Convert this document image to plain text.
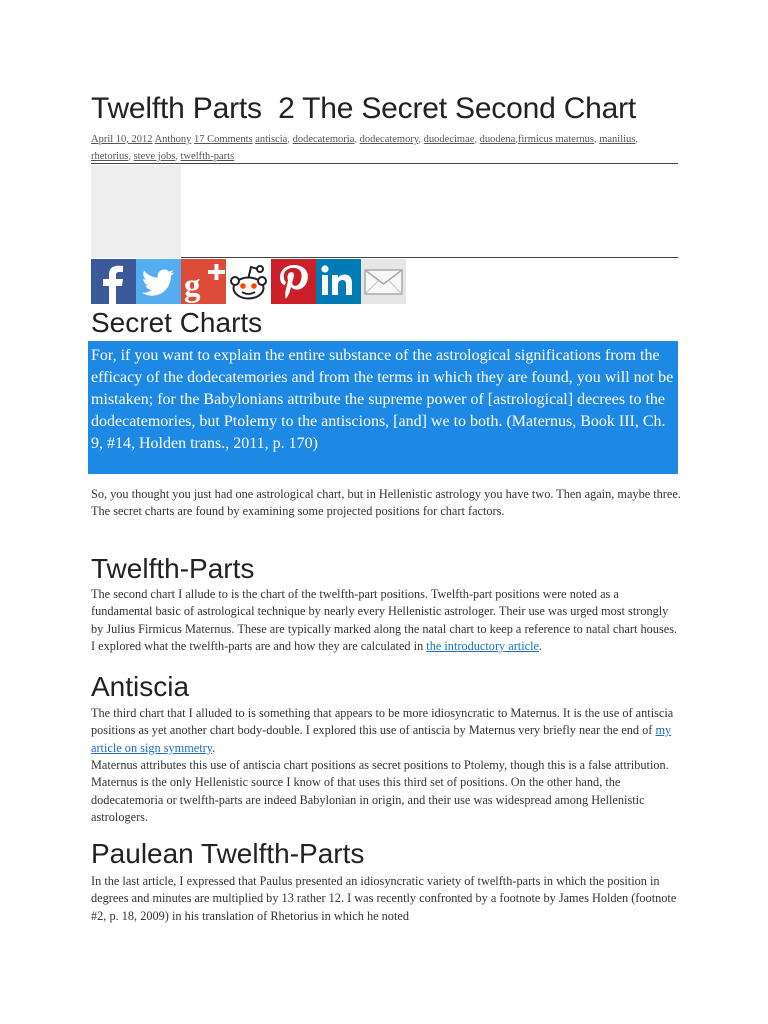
Twelfth Parts  2 The Secret Second Chart
April 10, 2012 Anthony 17 Comments antiscia, dodecatemoria, dodecatemory, duodecimae, duodena,firmicus maternus, manilius, rhetorius, steve jobs, twelfth-parts
g
Secret Charts
For, if you want to explain the entire substance of the astrological significations from the efficacy of the dodecatemories and from the terms in which they are found, you will not be mistaken; for the Babylonians attribute the supreme power of [astrological] decrees to the dodecatemories, but Ptolemy to the antiscions, [and] we to both. (Maternus, Book III, Ch. 9, #14, Holden trans., 2011, p. 170)

So, you thought you just had one astrological chart, but in Hellenistic astrology you have two. Then again, maybe three. The secret charts are found by examining some projected positions for chart factors.

Twelfth-Parts

The second chart I allude to is the chart of the twelfth-part positions. Twelfth-part positions were noted as a fundamental basic of astrological technique by nearly every Hellenistic astrologer. Their use was urged most strongly by Julius Firmicus Maternus. These are typically marked along the natal chart to keep a reference to natal chart houses. I explored what the twelfth-parts are and how they are calculated in the introductory article.

Antiscia

The third chart that I alluded to is something that appears to be more idiosyncratic to Maternus. It is the use of antiscia positions as yet another chart body-double. I explored this use of antiscia by Maternus very briefly near the end of my article on sign symmetry.

Maternus attributes this use of antiscia chart positions as secret positions to Ptolemy, though this is a false attribution. Maternus is the only Hellenistic source I know of that uses this third set of positions. On the other hand, the dodecatemoria or twelfth-parts are indeed Babylonian in origin, and their use was widespread among Hellenistic astrologers.

Paulean Twelfth-Parts

In the last article, I expressed that Paulus presented an idiosyncratic variety of twelfth-parts in which the position in degrees and minutes are multiplied by 13 rather 12. I was recently confronted by a footnote by James Holden (footnote #2, p. 18, 2009) in his translation of Rhetorius in which he noted
